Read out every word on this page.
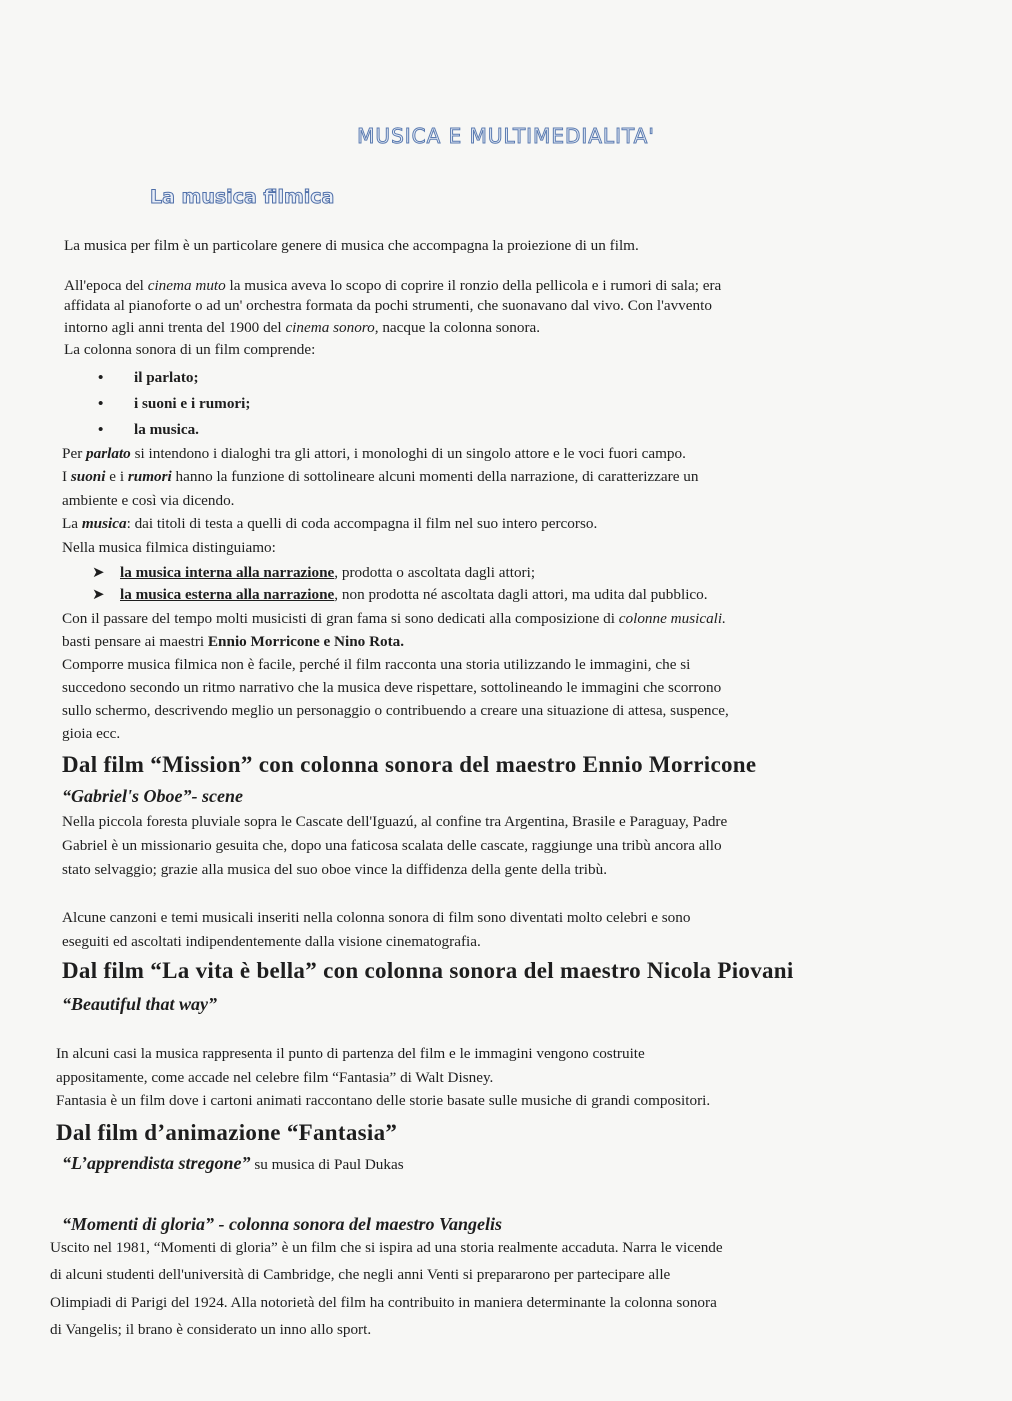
MUSICA E MULTIMEDIALITA'
La musica filmica
La musica per film è un particolare genere di musica che accompagna la proiezione di un film.
All'epoca del cinema muto la musica aveva lo scopo di coprire il ronzio della pellicola e i rumori di sala; era
affidata al pianoforte o ad un' orchestra formata da pochi strumenti, che suonavano dal vivo. Con l'avvento
intorno agli anni trenta del 1900 del cinema sonoro, nacque la colonna sonora.
La colonna sonora di un film comprende:
• il parlato;
• i suoni e i rumori;
• la musica.
Per parlato si intendono i dialoghi tra gli attori, i monologhi di un singolo attore e le voci fuori campo.
I suoni e i rumori hanno la funzione di sottolineare alcuni momenti della narrazione, di caratterizzare un
ambiente e così via dicendo.
La musica: dai titoli di testa a quelli di coda accompagna il film nel suo intero percorso.
Nella musica filmica distinguiamo:
➤ la musica interna alla narrazione, prodotta o ascoltata dagli attori;
➤ la musica esterna alla narrazione, non prodotta né ascoltata dagli attori, ma udita dal pubblico.
Con il passare del tempo molti musicisti di gran fama si sono dedicati alla composizione di colonne musicali.
basti pensare ai maestri Ennio Morricone e Nino Rota.
Comporre musica filmica non è facile, perché il film racconta una storia utilizzando le immagini, che si
succedono secondo un ritmo narrativo che la musica deve rispettare, sottolineando le immagini che scorrono
sullo schermo, descrivendo meglio un personaggio o contribuendo a creare una situazione di attesa, suspence,
gioia ecc.
Dal film “Mission” con colonna sonora del maestro Ennio Morricone
“Gabriel's Oboe”- scene
Nella piccola foresta pluviale sopra le Cascate dell'Iguazú, al confine tra Argentina, Brasile e Paraguay, Padre
Gabriel è un missionario gesuita che, dopo una faticosa scalata delle cascate, raggiunge una tribù ancora allo
stato selvaggio; grazie alla musica del suo oboe vince la diffidenza della gente della tribù.
Alcune canzoni e temi musicali inseriti nella colonna sonora di film sono diventati molto celebri e sono
eseguiti ed ascoltati indipendentemente dalla visione cinematografia.
Dal film “La vita è bella” con colonna sonora del maestro Nicola Piovani
“Beautiful that way”
In alcuni casi la musica rappresenta il punto di partenza del film e le immagini vengono costruite
appositamente, come accade nel celebre film “Fantasia” di Walt Disney.
Fantasia è un film dove i cartoni animati raccontano delle storie basate sulle musiche di grandi compositori.
Dal film d’animazione “Fantasia”
“L’apprendista stregone” su musica di Paul Dukas
“Momenti di gloria” - colonna sonora del maestro Vangelis
Uscito nel 1981, “Momenti di gloria” è un film che si ispira ad una storia realmente accaduta. Narra le vicende
di alcuni studenti dell'università di Cambridge, che negli anni Venti si prepararono per partecipare alle
Olimpiadi di Parigi del 1924. Alla notorietà del film ha contribuito in maniera determinante la colonna sonora
di Vangelis; il brano è considerato un inno allo sport.
